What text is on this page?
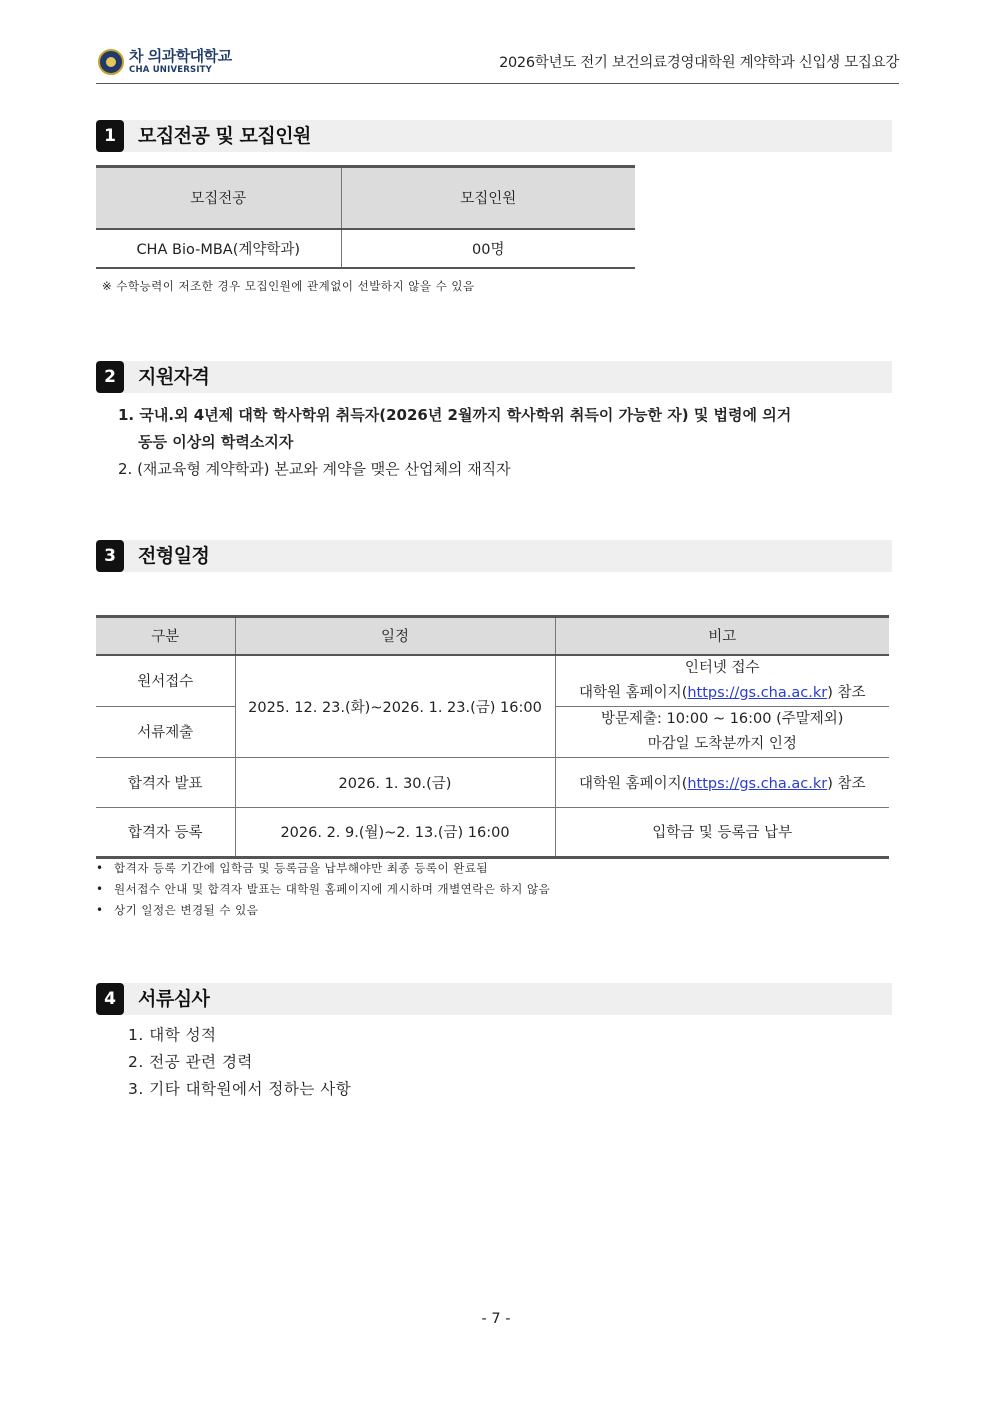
차 의과학대학교
CHA UNIVERSITY	2026학년도 전기 보건의료경영대학원 계약학과 신입생 모집요강
1	모집전공 및 모집인원
모집전공	모집인원
CHA Bio-MBA(계약학과)	00명
※ 수학능력이 저조한 경우 모집인원에 관계없이 선발하지 않을 수 있음
2	지원자격
1. 국내.외 4년제 대학 학사학위 취득자(2026년 2월까지 학사학위 취득이 가능한 자) 및 법령에 의거
동등 이상의 학력소지자
2. (재교육형 계약학과) 본교와 계약을 맺은 산업체의 재직자
3	전형일정
구분	일정	비고
원서접수	2025. 12. 23.(화)~2026. 1. 23.(금) 16:00	인터넷 접수
대학원 홈페이지(https://gs.cha.ac.kr) 참조

서류제출		방문제출: 10:00 ~ 16:00 (주말제외)
마감일 도착분까지 인정

합격자 발표	2026. 1. 30.(금)	대학원 홈페이지(https://gs.cha.ac.kr) 참조
합격자 등록	2026. 2. 9.(월)~2. 13.(금) 16:00	입학금 및 등록금 납부
• 합격자 등록 기간에 입학금 및 등록금을 납부해야만 최종 등록이 완료됨
• 원서접수 안내 및 합격자 발표는 대학원 홈페이지에 게시하며 개별연락은 하지 않음
• 상기 일정은 변경될 수 있음
4	서류심사
1. 대학 성적
2. 전공 관련 경력
3. 기타 대학원에서 정하는 사항
- 7 -
